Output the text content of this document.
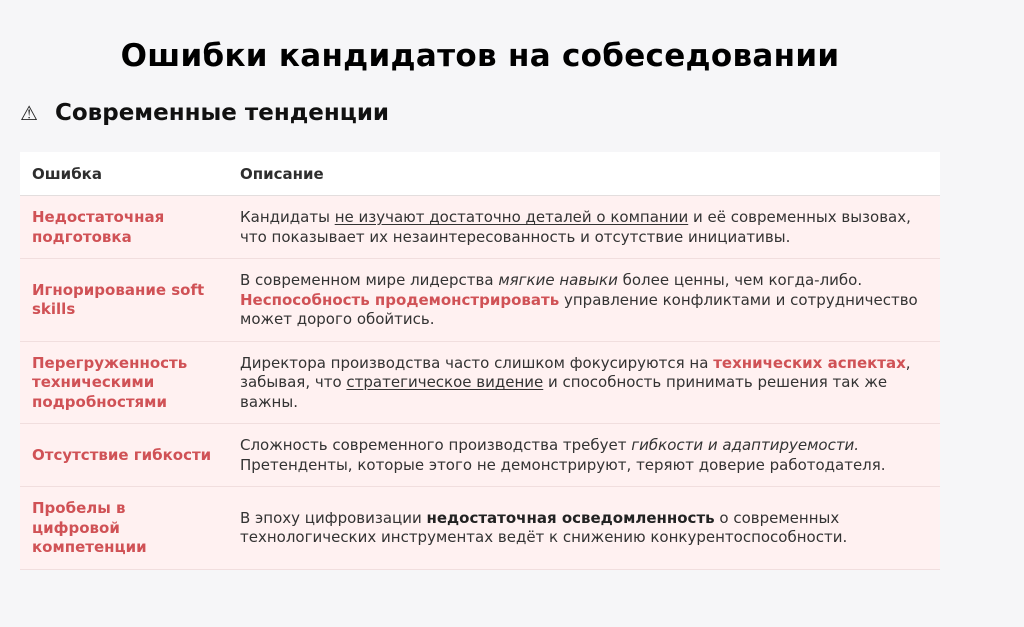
Ошибки кандидатов на собеседовании
⚠ Современные тенденции
Ошибка	Описание
Недостаточная подготовка	Кандидаты не изучают достаточно деталей о компании и её современных вызовах, что показывает их незаинтересованность и отсутствие инициативы.
Игнорирование soft skills	В современном мире лидерства мягкие навыки более ценны, чем когда-либо. Неспособность продемонстрировать управление конфликтами и сотрудничество может дорого обойтись.
Перегруженность техническими подробностями	Директора производства часто слишком фокусируются на технических аспектах, забывая, что стратегическое видение и способность принимать решения так же важны.
Отсутствие гибкости	Сложность современного производства требует гибкости и адаптируемости. Претенденты, которые этого не демонстрируют, теряют доверие работодателя.
Пробелы в цифровой компетенции	В эпоху цифровизации недостаточная осведомленность о современных технологических инструментах ведёт к снижению конкурентоспособности.
